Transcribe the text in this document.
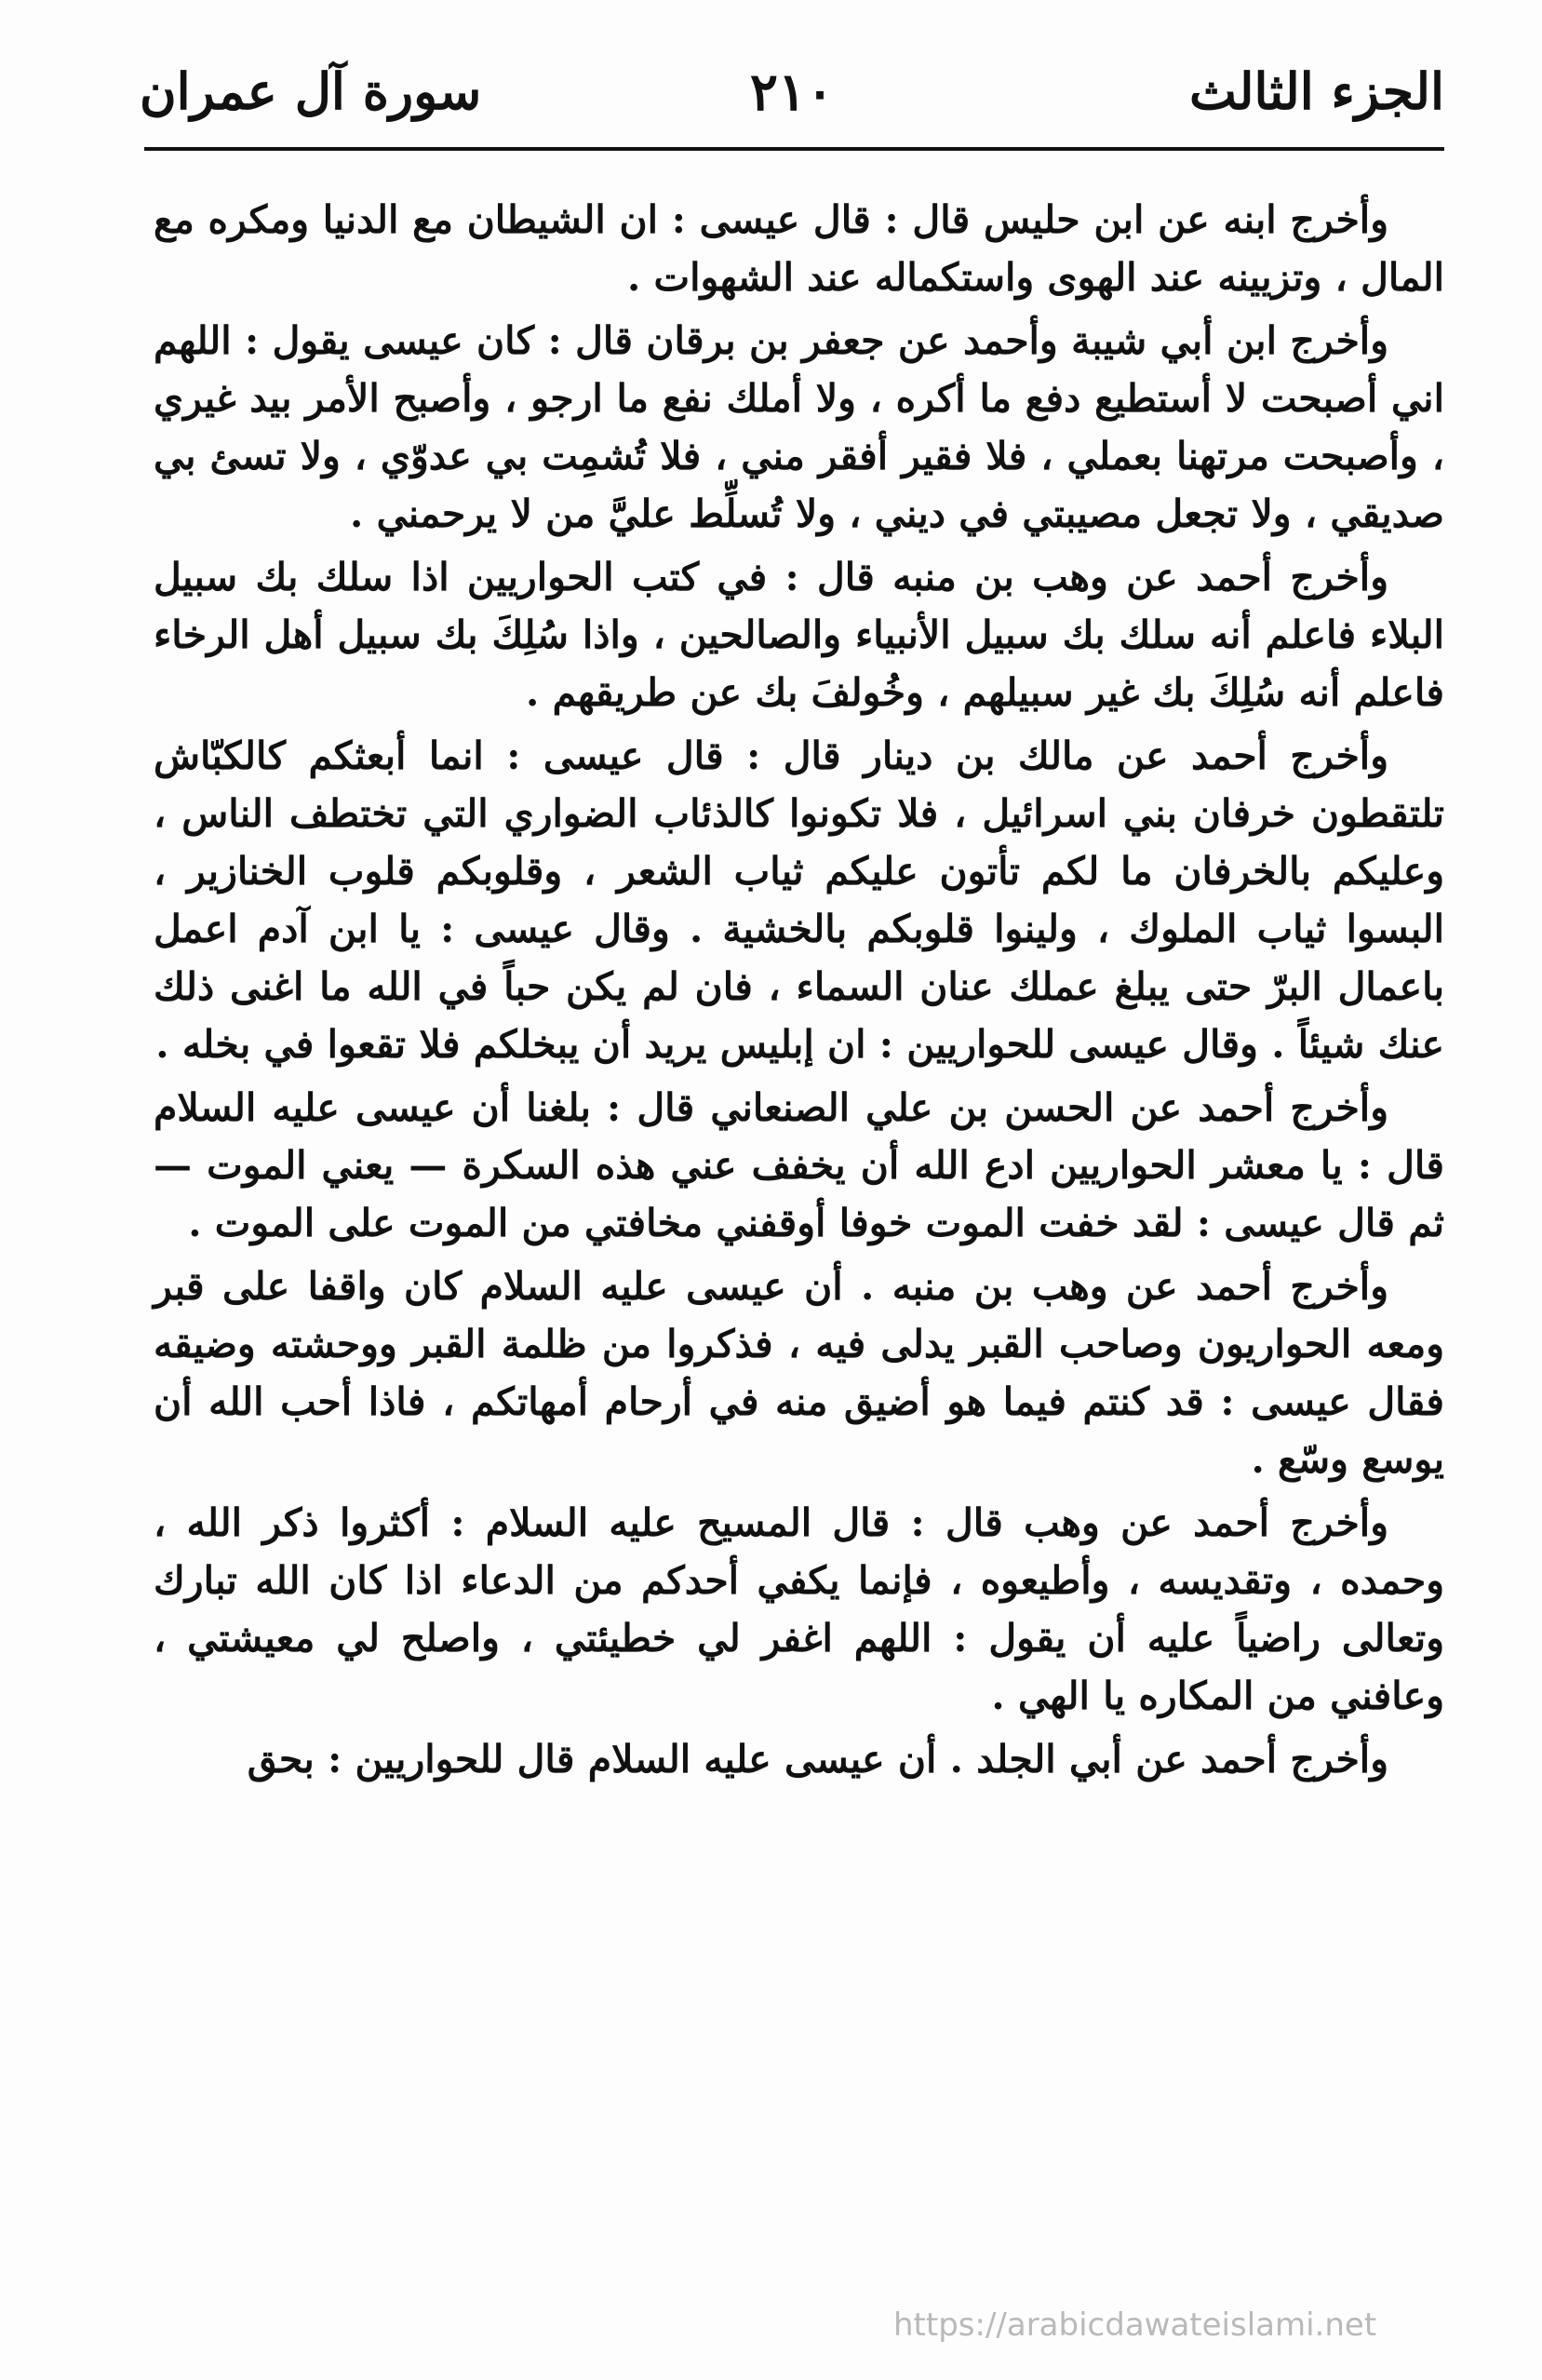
الجزء الثالث
٢١٠
سورة آل عمران

وأخرج ابنه عن ابن حليس قال : قال عيسى : ان الشيطان مع الدنيا ومكره مع المال ، وتزيينه عند الهوى واستكماله عند الشهوات .

وأخرج ابن أبي شيبة وأحمد عن جعفر بن برقان قال : كان عيسى يقول : اللهم اني أصبحت لا أستطيع دفع ما أكره ، ولا أملك نفع ما ارجو ، وأصبح الأمر بيد غيري ، وأصبحت مرتهنا بعملي ، فلا فقير أفقر مني ، فلا تُشمِت بي عدوّي ، ولا تسئ بي صديقي ، ولا تجعل مصيبتي في ديني ، ولا تُسلِّط عليَّ من لا يرحمني .

وأخرج أحمد عن وهب بن منبه قال : في كتب الحواريين اذا سلك بك سبيل البلاء فاعلم أنه سلك بك سبيل الأنبياء والصالحين ، واذا سُلِكَ بك سبيل أهل الرخاء فاعلم أنه سُلِكَ بك غير سبيلهم ، وخُولفَ بك عن طريقهم .

وأخرج أحمد عن مالك بن دينار قال : قال عيسى : انما أبعثكم كالكبّاش تلتقطون خرفان بني اسرائيل ، فلا تكونوا كالذئاب الضواري التي تختطف الناس ، وعليكم بالخرفان ما لكم تأتون عليكم ثياب الشعر ، وقلوبكم قلوب الخنازير ، البسوا ثياب الملوك ، ولينوا قلوبكم بالخشية . وقال عيسى : يا ابن آدم اعمل باعمال البرّ حتى يبلغ عملك عنان السماء ، فان لم يكن حباً في الله ما اغنى ذلك عنك شيئاً . وقال عيسى للحواريين : ان إبليس يريد أن يبخلكم فلا تقعوا في بخله .

وأخرج أحمد عن الحسن بن علي الصنعاني قال : بلغنا أن عيسى عليه السلام قال : يا معشر الحواريين ادع الله أن يخفف عني هذه السكرة — يعني الموت — ثم قال عيسى : لقد خفت الموت خوفا أوقفني مخافتي من الموت على الموت .

وأخرج أحمد عن وهب بن منبه . أن عيسى عليه السلام كان واقفا على قبر ومعه الحواريون وصاحب القبر يدلى فيه ، فذكروا من ظلمة القبر ووحشته وضيقه فقال عيسى : قد كنتم فيما هو أضيق منه في أرحام أمهاتكم ، فاذا أحب الله أن يوسع وسّع .

وأخرج أحمد عن وهب قال : قال المسيح عليه السلام : أكثروا ذكر الله ، وحمده ، وتقديسه ، وأطيعوه ، فإنما يكفي أحدكم من الدعاء اذا كان الله تبارك وتعالى راضياً عليه أن يقول : اللهم اغفر لي خطيئتي ، واصلح لي معيشتي ، وعافني من المكاره يا الهي .

وأخرج أحمد عن أبي الجلد . أن عيسى عليه السلام قال للحواريين : بحق

https://arabicdawateislami.net
